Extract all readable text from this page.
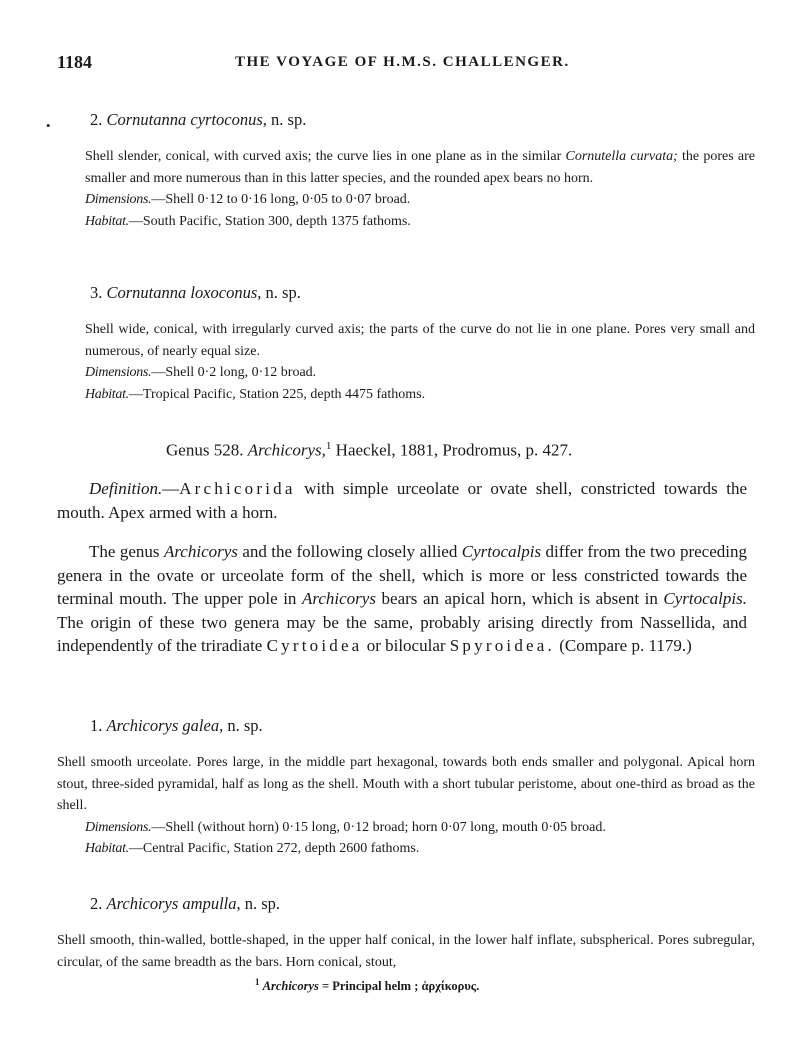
1184	THE VOYAGE OF H.M.S. CHALLENGER.
• 2. Cornutanna cyrtoconus, n. sp.

Shell slender, conical, with curved axis; the curve lies in one plane as in the similar Cornutella curvata; the pores are smaller and more numerous than in this latter species, and the rounded apex bears no horn.

Dimensions.—Shell 0·12 to 0·16 long, 0·05 to 0·07 broad.

Habitat.—South Pacific, Station 300, depth 1375 fathoms.

3. Cornutanna loxoconus, n. sp.

Shell wide, conical, with irregularly curved axis; the parts of the curve do not lie in one plane. Pores very small and numerous, of nearly equal size.

Dimensions.—Shell 0·2 long, 0·12 broad.

Habitat.—Tropical Pacific, Station 225, depth 4475 fathoms.

Genus 528. Archicorys,$^1$ Haeckel, 1881, Prodromus, p. 427.

Definition.—Archicorida with simple urceolate or ovate shell, constricted towards the mouth. Apex armed with a horn.

The genus Archicorys and the following closely allied Cyrtocalpis differ from the two preceding genera in the ovate or urceolate form of the shell, which is more or less constricted towards the terminal mouth. The upper pole in Archicorys bears an apical horn, which is absent in Cyrtocalpis. The origin of these two genera may be the same, probably arising directly from Nassellida, and independently of the triradiate Cyrtoidea or bilocular Spyroidea. (Compare p. 1179.)

1. Archicorys galea, n. sp.

Shell smooth urceolate. Pores large, in the middle part hexagonal, towards both ends smaller and polygonal. Apical horn stout, three-sided pyramidal, half as long as the shell. Mouth with a short tubular peristome, about one-third as broad as the shell.

Dimensions.—Shell (without horn) 0·15 long, 0·12 broad; horn 0·07 long, mouth 0·05 broad.

Habitat.—Central Pacific, Station 272, depth 2600 fathoms.

2. Archicorys ampulla, n. sp.

Shell smooth, thin-walled, bottle-shaped, in the upper half conical, in the lower half inflate, subspherical. Pores subregular, circular, of the same breadth as the bars. Horn conical, stout,

$^1$ Archicorys = Principal helm ; ἀρχίκορυς.
